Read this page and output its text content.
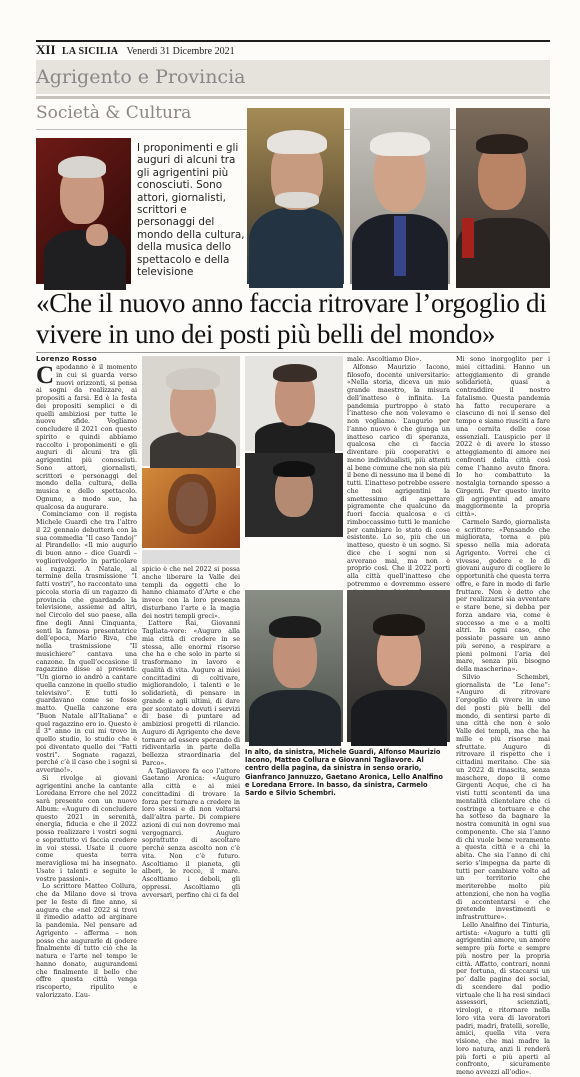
XII LA SICILIA Venerdì 31 Dicembre 2021
Agrigento e Provincia
Società & Cultura
I proponimenti e gli auguri di alcuni tra gli agrigentini più conosciuti. Sono attori, giornalisti, scrittori e personaggi del mondo della cultura, della musica dello spettacolo e della televisione
«Che il nuovo anno faccia ritrovare l’orgoglio di vivere in uno dei posti più belli del mondo»
Lorenzo Rosso

Capodanno è il momento in cui si guarda verso nuovi orizzonti, si pensa ai sogni da realizzare, ai propositi a farsi. Ed è la festa dei propositi semplici e di quelli ambiziosi per tutte le nuove sfide. Vogliamo concludere il 2021 con questo spirito e quindi abbiamo raccolto i proponimenti e gli auguri di alcuni tra gli agrigentini più conosciuti. Sono attori, giornalisti, scrittori e personaggi del mondo della cultura, della musica e dello spettacolo. Ognuno, a modo suo, ha qualcosa da augurare.

Cominciamo con il regista Michele Guardì che tra l’altro il 22 gennaio debutterà con la sua commedia “Il caso Tandoj” al Pirandello: «Il mio augurio di buon anno – dice Guardì – vogliorivolgerlo in particolare ai ragazzi. A Natale, al termine della trasmissione “I fatti vostri”, ho raccontato una piccola storia di un ragazzo di provincia che guardando la televisione, assieme ad altri, nel Circolo del suo paese, alla fine degli Anni Cinquanta, sentì la famosa presentatrice dell’epoca, Mario Riva, che nella trasmissione “Il musichiere” cantava una canzone. In quell’occasione il ragazzino disse ai presenti: “Un giorno io andrò a cantare quella canzone in quello studio televisivo”. E tutti lo guardavano come se fosse matto. Quella canzone era “Buon Natale all’Italiana” e quel ragazzino ero io. Questo è il 3° anno in cui mi trovo in quello studio, lo studio che è poi diventato quello dei “Fatti vostri”. Sognate ragazzi, perché c’è il caso che i sogni si avverino!».

Si rivolge ai giovani agrigentini anche la cantante Loredana Errore che nel 2022 sarà presente con un nuovo Album: «Auguro di concludere questo 2021 in serenità, energia, fiducia e che il 2022 possa realizzare i vostri sogni e soprattutto vi faccia credere in voi stessi. Usate il cuore come questa terra meravigliosa mi ha insegnato. Usate i talenti e seguite le vostre passioni».

Lo scrittore Matteo Collura, che da Milano dove si trova per le feste di fine anno, si augura che «nel 2022 si trovi il rimedio adatto ad arginare la pandemia. Nel pensare ad Agrigento – afferma – non posso che augurarle di godere finalmente di tutto ciò che la natura e l’arte nel tempo le hanno donato, augurandomi che finalmente il bello che offre questa città venga riscoperto, ripulito e valorizzato. L’au-

spicio è che nel 2022 si possa anche liberare la Valle dei templi da oggetti che lo hanno chiamato d’Arte e che invece con la loro presenza disturbano l’arte e la magia dei nostri templi greci».

L’attore Rai, Giovanni Tagliata-vore: «Auguro alla mia città di credere in se stessa, alle enormi risorse che ha e che solo in parte si trasformano in lavoro e qualità di vita. Auguro ai miei concittadini di coltivare, migliorandolo, i talenti e le solidarietà, di pensare in grande e agli ultimi, di dare per scontato e dovuti i servizi di base di puntare ad ambiziosi progetti di rilancio. Auguro di Agrigento che deve tornare ad essere sperando di ridiventarla in parte della bellezza straordinaria del Parco».

A Tagliavore fa eco l’attore Gaetano Aronica: «Auguro alla città e ai miei concittadini di trovare la forza per tornare a credere in loro stessi e di non voltarsi dall’altra parte. Di compiere azioni di cui non dovremo mai vergognarci. Auguro soprattutto di ascoltare perché senza ascolto non c’è vita. Non c’è futuro. Ascoltiamo il pianeta, gli alberi, le rocce, il mare. Ascoltiamo i deboli, gli oppressi. Ascoltiamo gli avversari, perfino chi ci fa del

male. Ascoltiamo Dio».

Alfonso Maurizio Iacono, filosofo, docente universitario: «Nella storia, diceva un mio grande maestro, la misura dell’inatteso è infinita. La pandemia purtroppo è stato l’inatteso che non volevamo e non vogliamo. L’augurio per l’anno nuovo è che giunga un inatteso carico di speranza, qualcosa che ci faccia diventare più cooperativi e meno individualisti, più attenti al bene comune che non sia più il bene di nessuno ma il bene di tutti. L’inatteso potrebbe essere che noi agrigentini la smettessimo di aspettare pigramente che qualcuno da fuori faccia qualcosa e ci rimboccassimo tutti le maniche per cambiare lo stato di cose esistente. Lo so, più che un inatteso, questo è un sogno. Si dice che i sogni non si avverano mai, ma non è proprio così. Che il 2022 porti alla città quell’inatteso che potremmo e dovremmo essere

In alto, da sinistra, Michele Guardì, Alfonso Maurizio Iacono, Matteo Collura e Giovanni Tagliavore. Al centro della pagina, da sinistra in senso orario, Gianfranco Jannuzzo, Gaetano Aronica, Lello Analfino e Loredana Errore. In basso, da sinistra, Carmelo Sardo e Silvio Schembri.

Mi sono inorgoglito per i miei cittadini. Hanno un atteggiamento di grande solidarietà, quasi a contraddire il nostro fatalismo. Questa pandemia ha fatto recuperare a ciascuno di noi il senso del tempo e siamo riusciti a fare una cernita delle cose essenziali. L’auspicio per il 2022 è di avere lo stesso atteggiamento di amore nei confronti della città così come l’hanno avuto finora. Io ho combattuto la nostalgia tornando spesso a Girgenti. Per questo invito gli agrigentini ad amare maggiormente la propria città».

Carmelo Sardo, giornalista e scrittore: «Pensando che migliorata, torna e più spesso nella mia adorata Agrigento. Vorrei che ci vivesse, godere e le di giovani auguro di cogliere le opportunità che questa terra offre, e fare in modo di farle fruttare. Non è detto che per realizzarsi sia avventare e stare bene, si debba per forza andare via, come è successo a me e a molti altri. In ogni caso, che possiate passare un anno più sereno, a respirare a pieni polmoni l’aria del mare, senza più bisogno della mascherina».

Silvio Schembri, giornalista de “Le Iene”: «Auguro di ritrovare l’orgoglio di vivere in uno dei posti più belli del mondo, di sentirsi parte di una città che non è solo Valle dei templi, ma che ha mille e più risorse mai sfruttate. Auguro di ritrovare il rispetto che i cittadini meritano. Che sia un 2022 di rinascita, senza maschere, dopo il come Girgenti Acque, che ci ha visti tutti scontenti da una mentalità clientelare che ci costringe a tortuare e che ha sotteso da bagnare la nostra comunità in ogni sua componente. Che sia l’anno di chi vuole bene veramente a questa città e a chi la abita. Che sia l’anno di chi serio s’impegna da parte di tutti per cambiare volto ad un territorio che meriterebbe molto più attenzioni, che non ha voglia di accontentarsi e che pretende investimenti e infrastrutture».

Lello Analfino dei Tinturia, artista: «Auguro a tutti gli agrigentini amore, un amore sempre più forte e sempre più nostro per la propria città. Affatto, contrari, nonni per fortuna, di staccarsi un po’ dalle pagine dei social, di scendere dal podio virtuale che li ha resi sindaci assessori, scienziati, virologi, e ritornare nella loro vita vera di lavoratori padri, madri, fratelli, sorelle, amici, quella vita vera visione, che mai madre la loro natura, anzi li renderà più forti e più aperti al confronto, sicuramente meno avvezzi all’odio».
